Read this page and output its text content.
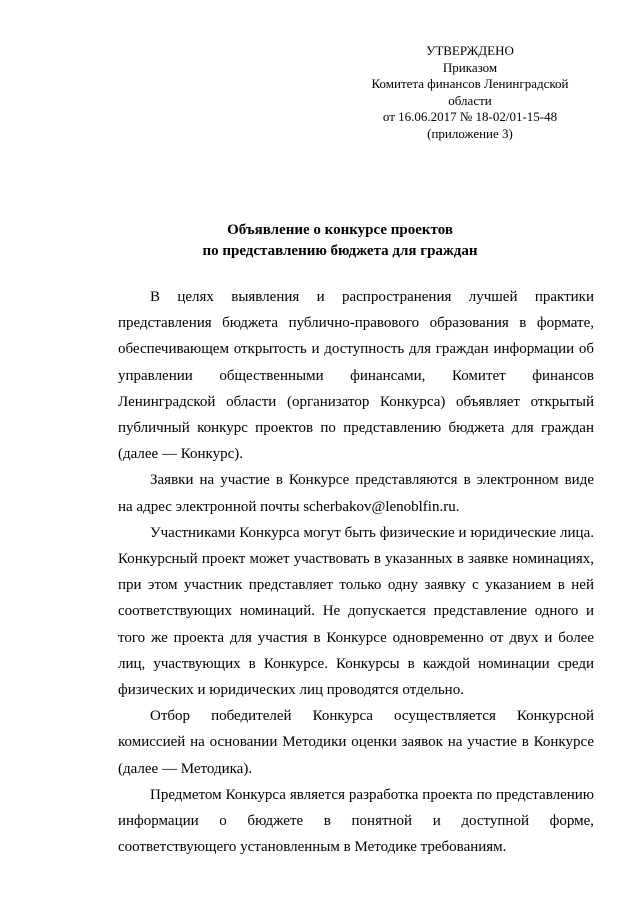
УТВЕРЖДЕНО
Приказом
Комитета финансов Ленинградской
области
от 16.06.2017 № 18-02/01-15-48
(приложение 3)
Объявление о конкурсе проектов
по представлению бюджета для граждан

В целях выявления и распространения лучшей практики представления бюджета публично-правового образования в формате, обеспечивающем открытость и доступность для граждан информации об управлении общественными финансами, Комитет финансов Ленинградской области (организатор Конкурса) объявляет открытый публичный конкурс проектов по представлению бюджета для граждан (далее — Конкурс).

Заявки на участие в Конкурсе представляются в электронном виде на адрес электронной почты scherbakov@lenoblfin.ru.

Участниками Конкурса могут быть физические и юридические лица. Конкурсный проект может участвовать в указанных в заявке номинациях, при этом участник представляет только одну заявку с указанием в ней соответствующих номинаций. Не допускается представление одного и того же проекта для участия в Конкурсе одновременно от двух и более лиц, участвующих в Конкурсе. Конкурсы в каждой номинации среди физических и юридических лиц проводятся отдельно.

Отбор победителей Конкурса осуществляется Конкурсной комиссией на основании Методики оценки заявок на участие в Конкурсе (далее — Методика).

Предметом Конкурса является разработка проекта по представлению информации о бюджете в понятной и доступной форме, соответствующего установленным в Методике требованиям.
